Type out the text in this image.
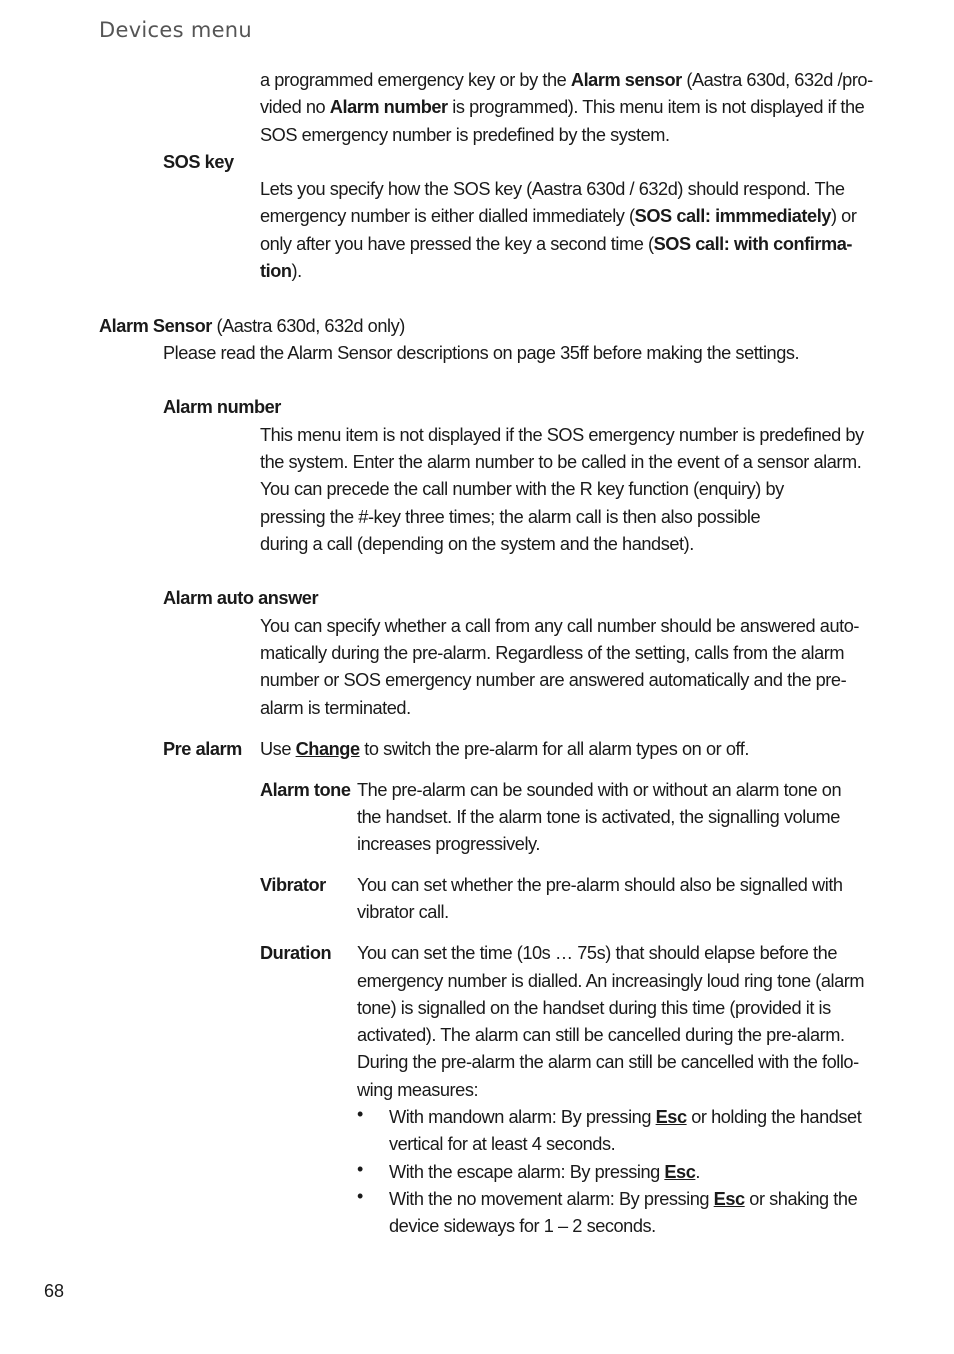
Devices menu
a programmed emergency key or by the Alarm sensor (Aastra 630d, 632d /pro-
vided no Alarm number is programmed). This menu item is not displayed if the
SOS emergency number is predefined by the system.
SOS key
Lets you specify how the SOS key (Aastra 630d / 632d) should respond. The
emergency number is either dialled immediately (SOS call: immmediately) or
only after you have pressed the key a second time (SOS call: with confirma-
tion).
Alarm Sensor (Aastra 630d, 632d only)
Please read the Alarm Sensor descriptions on page 35ff before making the settings.
Alarm number
This menu item is not displayed if the SOS emergency number is predefined by
the system. Enter the alarm number to be called in the event of a sensor alarm.
You can precede the call number with the R key function (enquiry) by
pressing the #-key three times; the alarm call is then also possible
during a call (depending on the system and the handset).
Alarm auto answer
You can specify whether a call from any call number should be answered auto-
matically during the pre-alarm. Regardless of the setting, calls from the alarm
number or SOS emergency number are answered automatically and the pre-
alarm is terminated.
Pre alarm Use Change to switch the pre-alarm for all alarm types on or off.
Alarm tone The pre-alarm can be sounded with or without an alarm tone on
the handset. If the alarm tone is activated, the signalling volume
increases progressively.
Vibrator You can set whether the pre-alarm should also be signalled with
vibrator call.
Duration You can set the time (10s … 75s) that should elapse before the
emergency number is dialled. An increasingly loud ring tone (alarm
tone) is signalled on the handset during this time (provided it is
activated). The alarm can still be cancelled during the pre-alarm.
During the pre-alarm the alarm can still be cancelled with the follo-
wing measures:
• With mandown alarm: By pressing Esc or holding the handset
vertical for at least 4 seconds.
• With the escape alarm: By pressing Esc.
• With the no movement alarm: By pressing Esc or shaking the
device sideways for 1 – 2 seconds.
68
